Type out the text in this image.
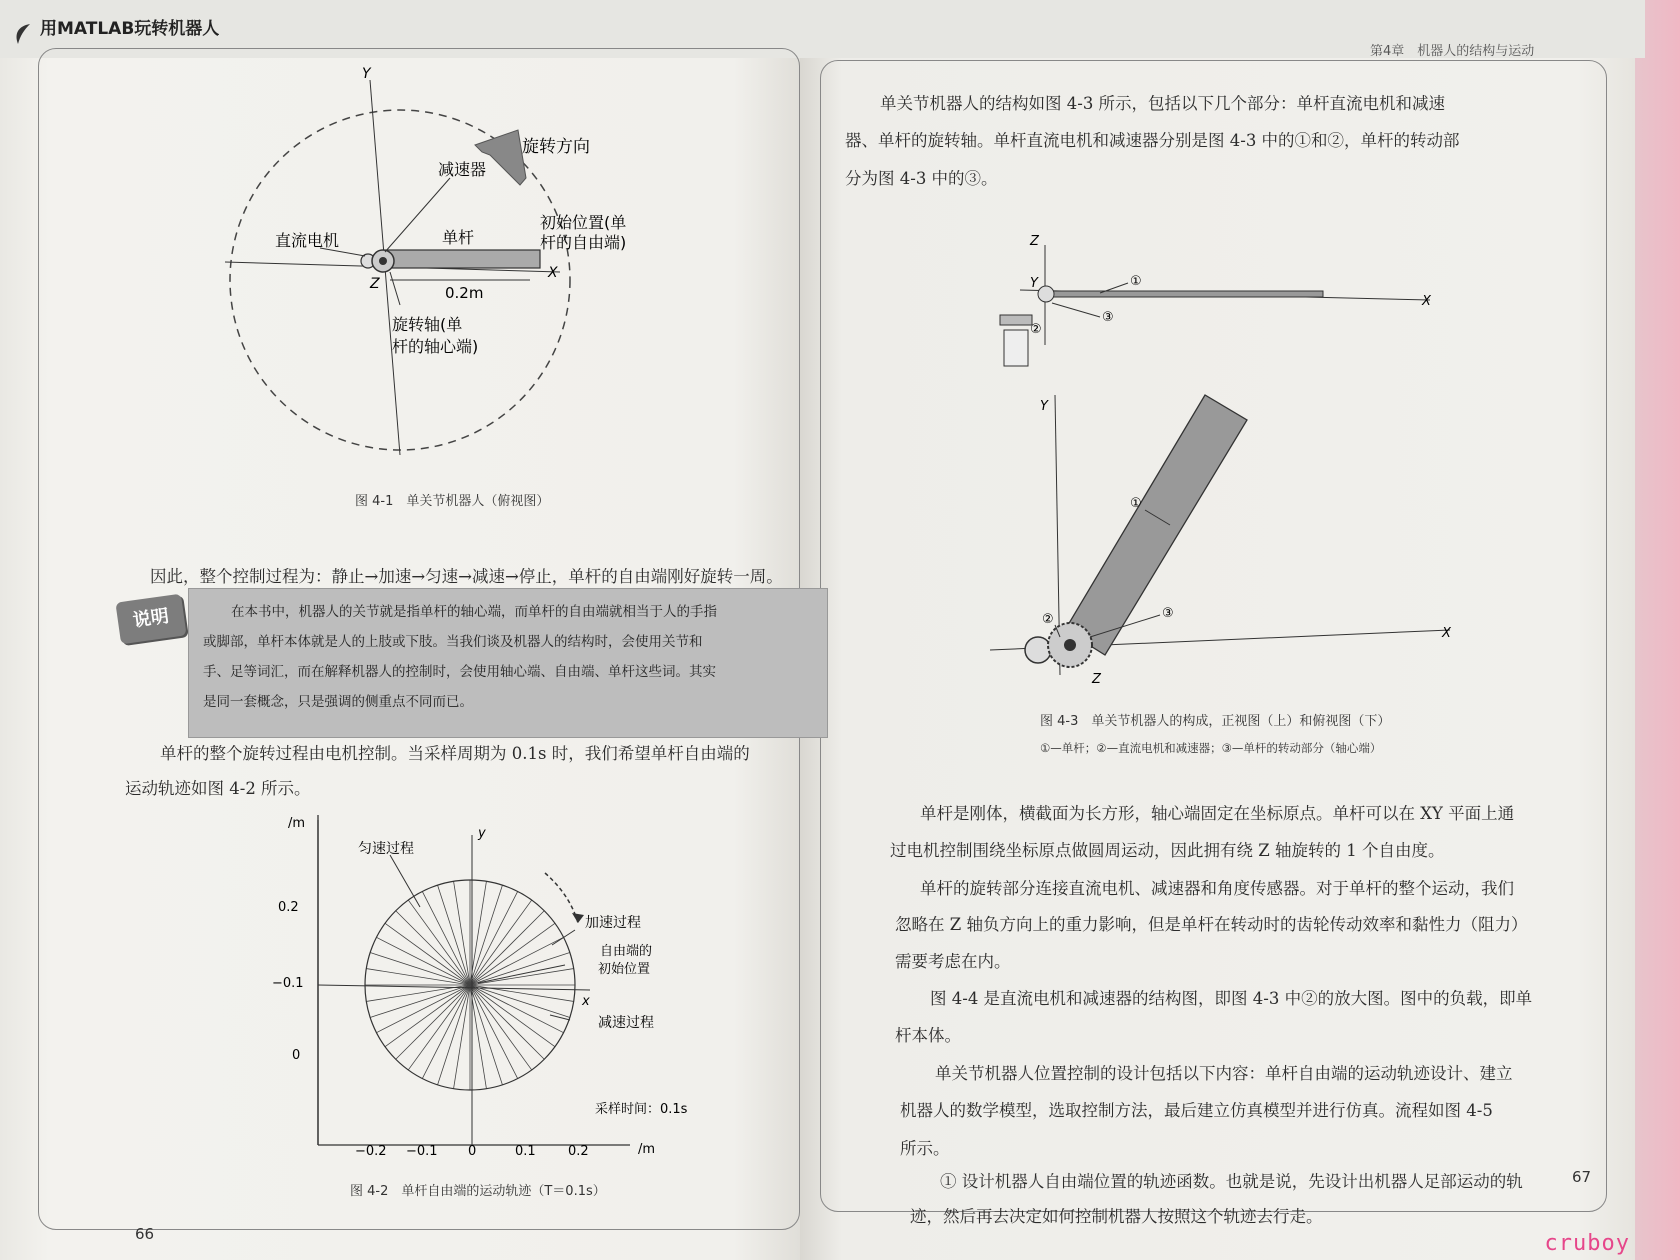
用MATLAB玩转机器人
第4章　机器人的结构与运动
Y
X
Z
旋转方向
减速器
初始位置(单
杆的自由端)
直流电机	单杆
0.2m
旋转轴(单
杆的轴心端)
图 4-1　单关节机器人（俯视图）
因此，整个控制过程为：静止→加速→匀速→减速→停止，单杆的自由端刚好旋转一周。
说明	在本书中，机器人的关节就是指单杆的轴心端，而单杆的自由端就相当于人的手指
或脚部，单杆本体就是人的上肢或下肢。当我们谈及机器人的结构时，会使用关节和
手、足等词汇，而在解释机器人的控制时，会使用轴心端、自由端、单杆这些词。其实
是同一套概念，只是强调的侧重点不同而已。
单杆的整个旋转过程由电机控制。当采样周期为 0.1s 时，我们希望单杆自由端的
运动轨迹如图 4-2 所示。
/m
/m
y
x
0.2
−0.1
0
−0.2 −0.1 0	0.1 0.2
匀速过程
加速过程
自由端的
初始位置
减速过程
采样时间：0.1s
图 4-2　单杆自由端的运动轨迹（T＝0.1s）
66
单关节机器人的结构如图 4-3 所示，包括以下几个部分：单杆直流电机和减速
器、单杆的旋转轴。单杆直流电机和减速器分别是图 4-3 中的①和②，单杆的转动部
分为图 4-3 中的③。
Z
Y
X
①
②
③
Y
X
Z
①
②	③
图 4-3　单关节机器人的构成，正视图（上）和俯视图（下）
①—单杆；②—直流电机和减速器；③—单杆的转动部分（轴心端）
单杆是刚体，横截面为长方形，轴心端固定在坐标原点。单杆可以在 XY 平面上通
过电机控制围绕坐标原点做圆周运动，因此拥有绕 Z 轴旋转的 1 个自由度。
单杆的旋转部分连接直流电机、减速器和角度传感器。对于单杆的整个运动，我们
忽略在 Z 轴负方向上的重力影响，但是单杆在转动时的齿轮传动效率和黏性力（阻力）
需要考虑在内。
图 4-4 是直流电机和减速器的结构图，即图 4-3 中②的放大图。图中的负载，即单
杆本体。
单关节机器人位置控制的设计包括以下内容：单杆自由端的运动轨迹设计、建立
机器人的数学模型，选取控制方法，最后建立仿真模型并进行仿真。流程如图 4-5
所示。
① 设计机器人自由端位置的轨迹函数。也就是说，先设计出机器人足部运动的轨
迹，然后再去决定如何控制机器人按照这个轨迹去行走。
67
cruboy
